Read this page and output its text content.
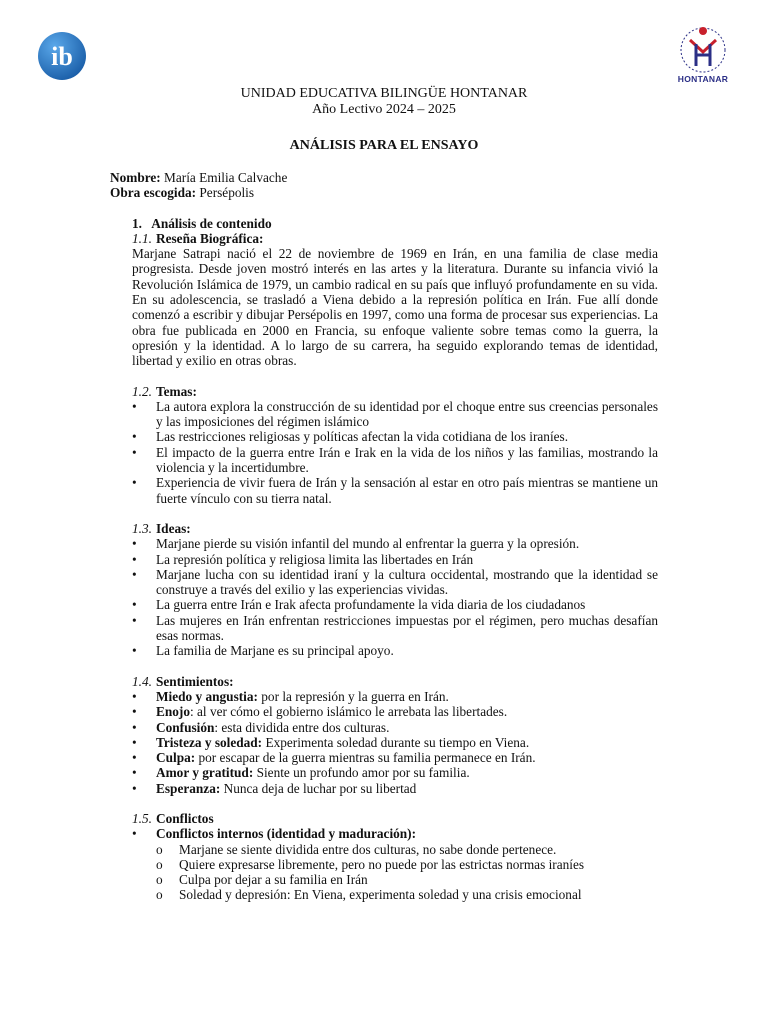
ib
HONTANAR
UNIDAD EDUCATIVA BILINGÜE HONTANAR
Año Lectivo 2024 – 2025
ANÁLISIS PARA EL ENSAYO
Nombre: María Emilia Calvache
Obra escogida: Persépolis
1.   Análisis de contenido
1.1. Reseña Biográfica:
Marjane Satrapi nació el 22 de noviembre de 1969 en Irán, en una familia de clase media progresista. Desde joven mostró interés en las artes y la literatura. Durante su infancia vivió la Revolución Islámica de 1979, un cambio radical en su país que influyó profundamente en su vida. En su adolescencia, se trasladó a Viena debido a la represión política en Irán. Fue allí donde comenzó a escribir y dibujar Persépolis en 1997, como una forma de procesar sus experiencias. La obra fue publicada en 2000 en Francia, su enfoque valiente sobre temas como la guerra, la opresión y la identidad. A lo largo de su carrera, ha seguido explorando temas de identidad, libertad y exilio en otras obras.
1.2. Temas:
• La autora explora la construcción de su identidad por el choque entre sus creencias personales y las imposiciones del régimen islámico
• Las restricciones religiosas y políticas afectan la vida cotidiana de los iraníes.
• El impacto de la guerra entre Irán e Irak en la vida de los niños y las familias, mostrando la violencia y la incertidumbre.
• Experiencia de vivir fuera de Irán y la sensación al estar en otro país mientras se mantiene un fuerte vínculo con su tierra natal.
1.3. Ideas:
• Marjane pierde su visión infantil del mundo al enfrentar la guerra y la opresión.
• La represión política y religiosa limita las libertades en Irán
• Marjane lucha con su identidad iraní y la cultura occidental, mostrando que la identidad se construye a través del exilio y las experiencias vividas.
• La guerra entre Irán e Irak afecta profundamente la vida diaria de los ciudadanos
• Las mujeres en Irán enfrentan restricciones impuestas por el régimen, pero muchas desafían esas normas.
• La familia de Marjane es su principal apoyo.
1.4. Sentimientos:
• Miedo y angustia: por la represión y la guerra en Irán.
• Enojo: al ver cómo el gobierno islámico le arrebata las libertades.
• Confusión: esta dividida entre dos culturas.
• Tristeza y soledad: Experimenta soledad durante su tiempo en Viena.
• Culpa: por escapar de la guerra mientras su familia permanece en Irán.
• Amor y gratitud: Siente un profundo amor por su familia.
• Esperanza: Nunca deja de luchar por su libertad
1.5. Conflictos
• Conflictos internos (identidad y maduración):
o Marjane se siente dividida entre dos culturas, no sabe donde pertenece.
o Quiere expresarse libremente, pero no puede por las estrictas normas iraníes
o Culpa por dejar a su familia en Irán
o Soledad y depresión: En Viena, experimenta soledad y una crisis emocional
